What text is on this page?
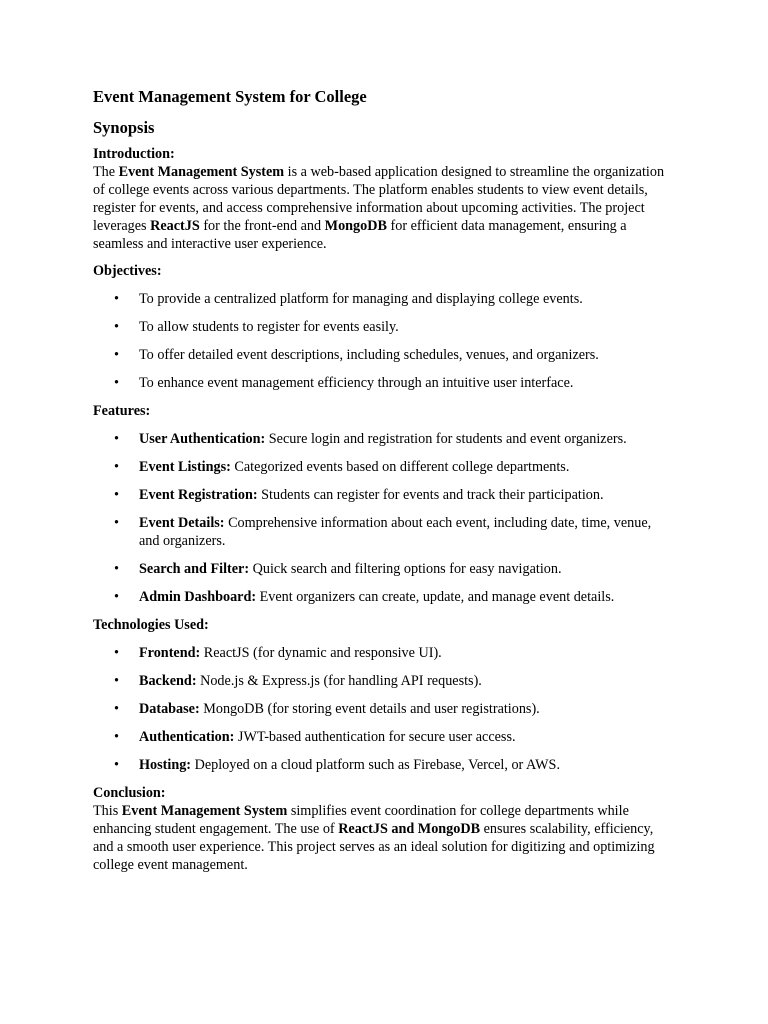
Event Management System for College
Synopsis
Introduction:

The Event Management System is a web-based application designed to streamline the organization of college events across various departments. The platform enables students to view event details, register for events, and access comprehensive information about upcoming activities. The project leverages ReactJS for the front-end and MongoDB for efficient data management, ensuring a seamless and interactive user experience.

Objectives:
• To provide a centralized platform for managing and displaying college events.
• To allow students to register for events easily.
• To offer detailed event descriptions, including schedules, venues, and organizers.
• To enhance event management efficiency through an intuitive user interface.
Features:
• User Authentication: Secure login and registration for students and event organizers.
• Event Listings: Categorized events based on different college departments.
• Event Registration: Students can register for events and track their participation.
• Event Details: Comprehensive information about each event, including date, time, venue, and organizers.
• Search and Filter: Quick search and filtering options for easy navigation.
• Admin Dashboard: Event organizers can create, update, and manage event details.
Technologies Used:
• Frontend: ReactJS (for dynamic and responsive UI).
• Backend: Node.js & Express.js (for handling API requests).
• Database: MongoDB (for storing event details and user registrations).
• Authentication: JWT-based authentication for secure user access.
• Hosting: Deployed on a cloud platform such as Firebase, Vercel, or AWS.
Conclusion:

This Event Management System simplifies event coordination for college departments while enhancing student engagement. The use of ReactJS and MongoDB ensures scalability, efficiency, and a smooth user experience. This project serves as an ideal solution for digitizing and optimizing college event management.
